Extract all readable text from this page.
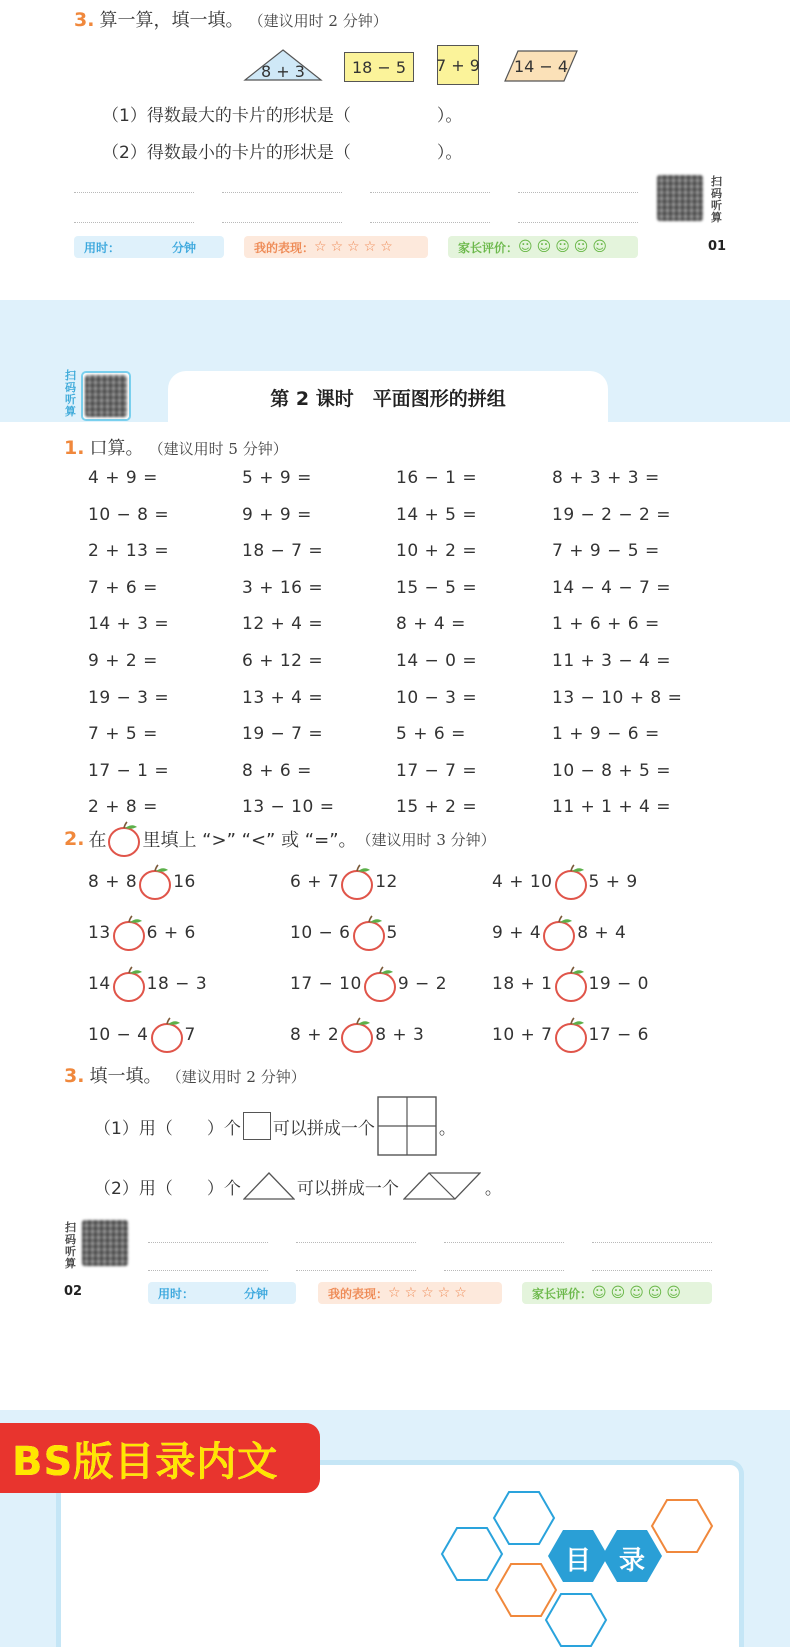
3. 算一算，填一填。 （建议用时 2 分钟）
8 + 3	18 − 5 7 + 9	14 − 4
（1）得数最大的卡片的形状是（	）。
（2）得数最小的卡片的形状是（	）。
扫码听算
用时：	分钟	我的表现： ☆☆☆☆☆	家长评价： ☺☺☺☺☺	01
扫码听算
第 2 课时　平面图形的拼组
1. 口算。 （建议用时 5 分钟）
4 + 9 =	5 + 9 =	16 − 1 =	8 + 3 + 3 =
10 − 8 =	9 + 9 =	14 + 5 =	19 − 2 − 2 =
2 + 13 =	18 − 7 =	10 + 2 =	7 + 9 − 5 =
7 + 6 =	3 + 16 =	15 − 5 =	14 − 4 − 7 =
14 + 3 =	12 + 4 =	8 + 4 =	1 + 6 + 6 =
9 + 2 =	6 + 12 =	14 − 0 =	11 + 3 − 4 =
19 − 3 =	13 + 4 =	10 − 3 =	13 − 10 + 8 =
7 + 5 =	19 − 7 =	5 + 6 =	1 + 9 − 6 =
17 − 1 =	8 + 6 =	17 − 7 =	10 − 8 + 5 =
2 + 8 =	13 − 10 =	15 + 2 =	11 + 1 + 4 =
2. 在 里填上 “>” “<” 或 “=”。 （建议用时 3 分钟）
8 + 8 16	6 + 7 12	4 + 10 5 + 9
13 6 + 6	10 − 6 5	9 + 4 8 + 4
14 18 − 3	17 − 10 9 − 2	18 + 1 19 − 0
10 − 4 7	8 + 2 8 + 3	10 + 7 17 − 6
3. 填一填。 （建议用时 2 分钟）
（1）用（ ）个 可以拼成一个	。
（2）用（ ）个	可以拼成一个	。
扫码听算
02	用时：	分钟	我的表现： ☆☆☆☆☆	家长评价： ☺☺☺☺☺
BS版目录内文
目 录
